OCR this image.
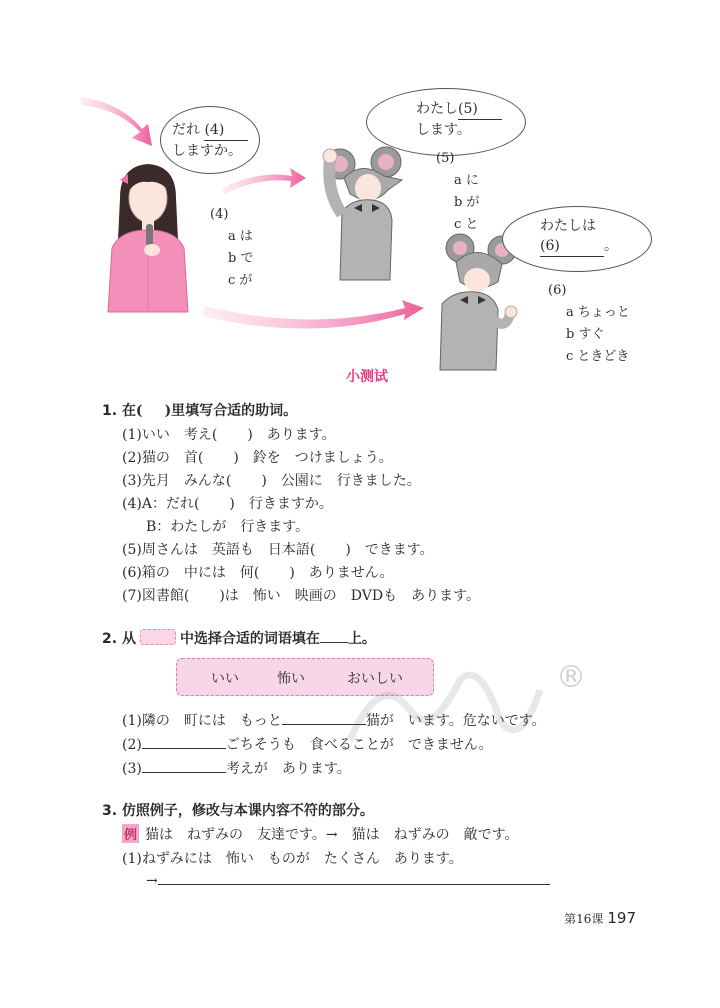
だれ (4)
しますか。
わたし(5)
します。
わたしは
(6)	。
(4)
a は
b で
c が
(5)
a に
b が
c と
(6)
a ちょっと
b すぐ
c ときどき
小测试
1. 在( )里填写合适的助词。
(1)いい　考え( )　あります。
(2)猫の　首( )　鈴を　つけましょう。
(3)先月　みんな( )　公園に　行きました。
(4)A：だれ( )　行きますか。
B：わたしが　行きます。
(5)周さんは　英語も　日本語( )　できます。
(6)箱の　中には　何( )　ありません。
(7)図書館( )は　怖い　映画の　DVDも　あります。
2. 从	中选择合适的词语填在 上。
いい	怖い	おいしい	®
(1)隣の　町には　もっと	猫が　います。危ないです。
(2)	ごちそうも　食べることが　できません。
(3)	考えが　あります。
3. 仿照例子，修改与本课内容不符的部分。
例 猫は　ねずみの　友達です。→　猫は　ねずみの　敵です。
(1)ねずみには　怖い　ものが　たくさん　あります。
→
第16课 197
